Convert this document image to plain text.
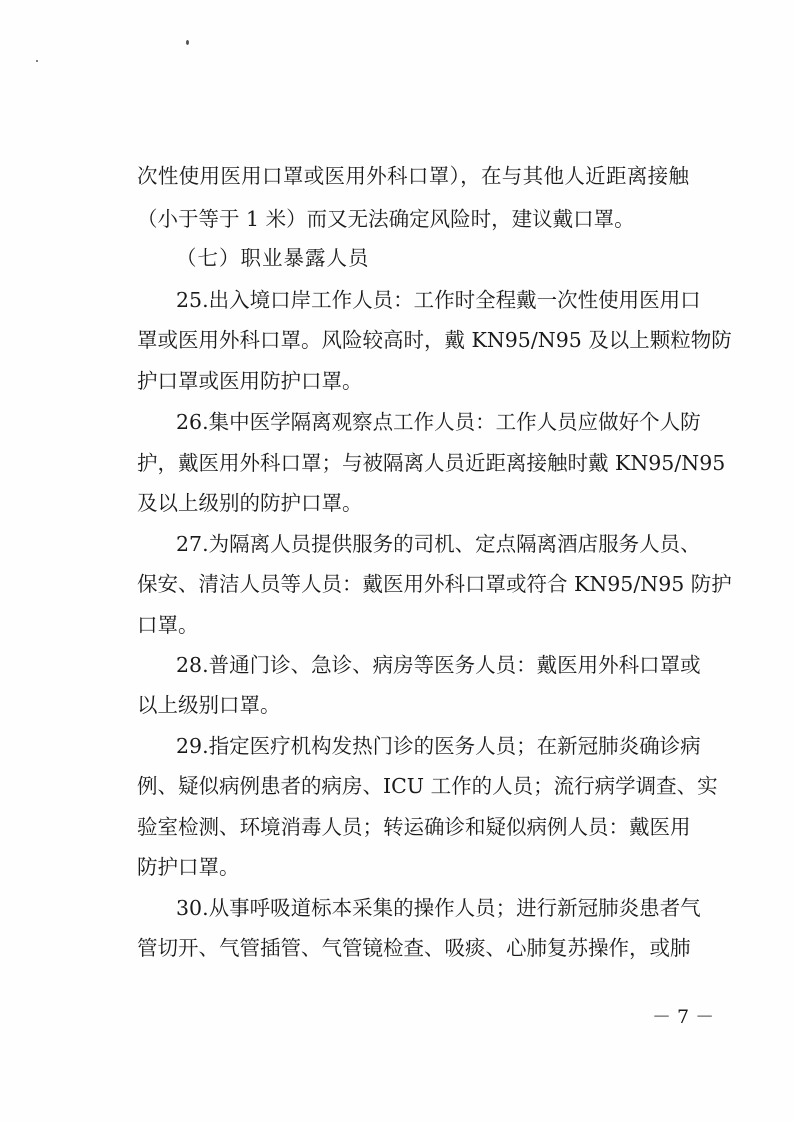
次性使用医用口罩或医用外科口罩），在与其他人近距离接触
（小于等于 1 米）而又无法确定风险时，建议戴口罩。
（七）职业暴露人员
25.出入境口岸工作人员：工作时全程戴一次性使用医用口
罩或医用外科口罩。风险较高时，戴 KN95/N95 及以上颗粒物防
护口罩或医用防护口罩。
26.集中医学隔离观察点工作人员：工作人员应做好个人防
护，戴医用外科口罩；与被隔离人员近距离接触时戴 KN95/N95
及以上级别的防护口罩。
27.为隔离人员提供服务的司机、定点隔离酒店服务人员、
保安、清洁人员等人员：戴医用外科口罩或符合 KN95/N95 防护
口罩。
28.普通门诊、急诊、病房等医务人员：戴医用外科口罩或
以上级别口罩。
29.指定医疗机构发热门诊的医务人员；在新冠肺炎确诊病
例、疑似病例患者的病房、ICU 工作的人员；流行病学调查、实
验室检测、环境消毒人员；转运确诊和疑似病例人员：戴医用
防护口罩。
30.从事呼吸道标本采集的操作人员；进行新冠肺炎患者气
管切开、气管插管、气管镜检查、吸痰、心肺复苏操作，或肺
－ 7 －
